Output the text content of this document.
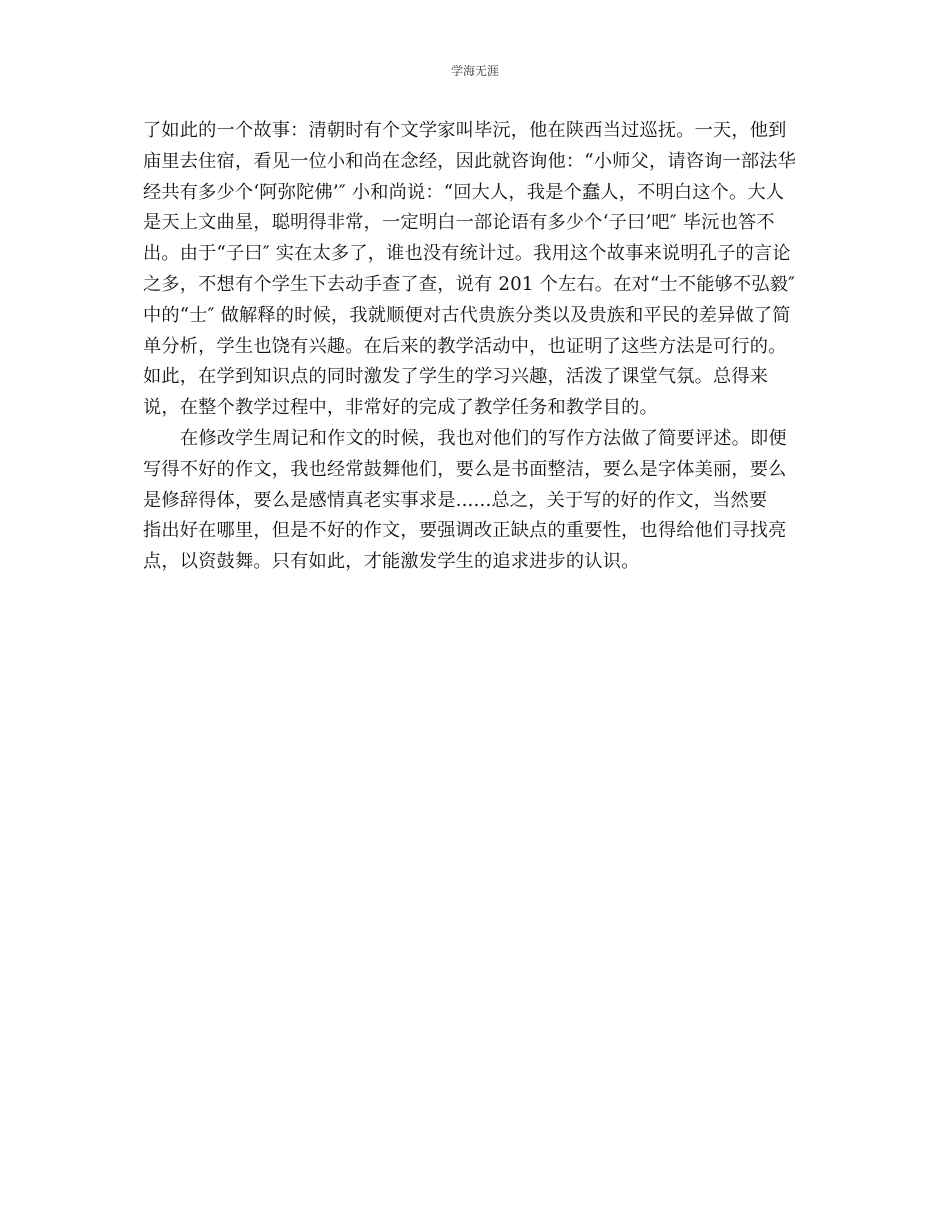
学海无涯

了如此的一个故事：清朝时有个文学家叫毕沅，他在陕西当过巡抚。一天，他到
庙里去住宿，看见一位小和尚在念经，因此就咨询他：“小师父，请咨询一部法华
经共有多少个‘阿弥陀佛’″ 小和尚说：“回大人，我是个蠢人，不明白这个。大人
是天上文曲星，聪明得非常，一定明白一部论语有多少个‘子曰’吧″ 毕沅也答不
出。由于“子曰″ 实在太多了，谁也没有统计过。我用这个故事来说明孔子的言论
之多，不想有个学生下去动手查了查，说有 201 个左右。在对“士不能够不弘毅″
中的“士″ 做解释的时候，我就顺便对古代贵族分类以及贵族和平民的差异做了简
单分析，学生也饶有兴趣。在后来的教学活动中，也证明了这些方法是可行的。
如此，在学到知识点的同时激发了学生的学习兴趣，活泼了课堂气氛。总得来
说，在整个教学过程中，非常好的完成了教学任务和教学目的。

在修改学生周记和作文的时候，我也对他们的写作方法做了简要评述。即便
写得不好的作文，我也经常鼓舞他们，要么是书面整洁，要么是字体美丽，要么
是修辞得体，要么是感情真老实事求是......总之，关于写的好的作文，当然要
指出好在哪里，但是不好的作文，要强调改正缺点的重要性，也得给他们寻找亮
点，以资鼓舞。只有如此，才能激发学生的追求进步的认识。
